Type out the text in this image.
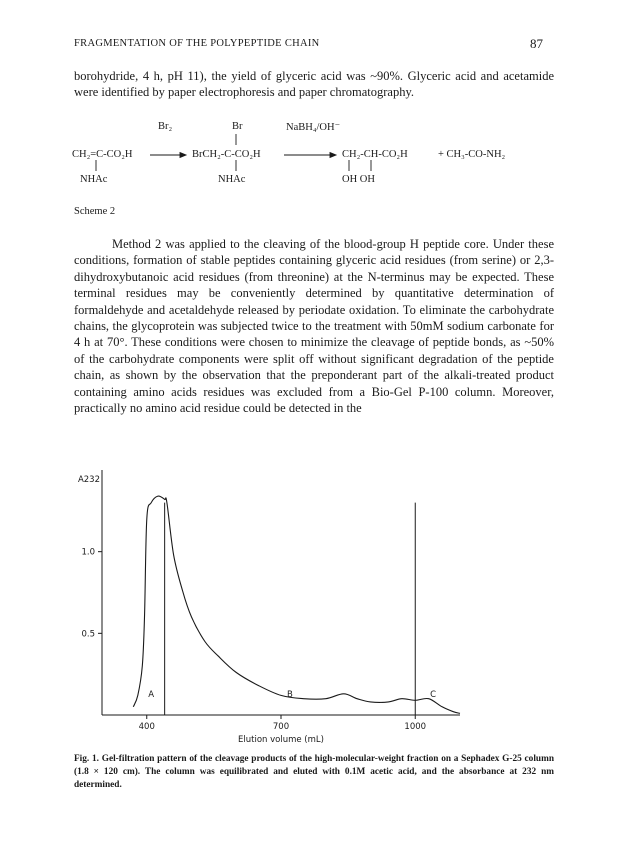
FRAGMENTATION OF THE POLYPEPTIDE CHAIN	87
borohydride, 4 h, pH 11), the yield of glyceric acid was ~90%. Glyceric acid and acetamide were identified by paper electrophoresis and paper chromatography.
Br₂	Br	NaBH₄/OH⁻
CH₂=C-CO₂H
NHAc
BrCH₂-C-CO₂H
NHAc
CH₂-CH-CO₂H
OH OH
+ CH₃-CO-NH₂
Scheme 2
Method 2 was applied to the cleaving of the blood-group H peptide core. Under these conditions, formation of stable peptides containing glyceric acid residues (from serine) or 2,3-dihydroxybutanoic acid residues (from threonine) at the N-terminus may be expected. These terminal residues may be conveniently determined by quantitative determination of formaldehyde and acetaldehyde released by periodate oxidation. To eliminate the carbohydrate chains, the glycoprotein was subjected twice to the treatment with 50mM sodium carbonate for 4 h at 70°. These conditions were chosen to minimize the cleavage of peptide bonds, as ~50% of the carbohydrate components were split off without significant degradation of the peptide chain, as shown by the observation that the preponderant part of the alkali-treated product containing amino acids residues was excluded from a Bio-Gel P-100 column. Moreover, practically no amino acid residue could be detected in the
1.0
0.5
400	700	1000
A232
Elution volume (mL)
A	B	C
Fig. 1. Gel-filtration pattern of the cleavage products of the high-molecular-weight fraction on a Sephadex G-25 column (1.8 × 120 cm). The column was equilibrated and eluted with 0.1M acetic acid, and the absorbance at 232 nm determined.
